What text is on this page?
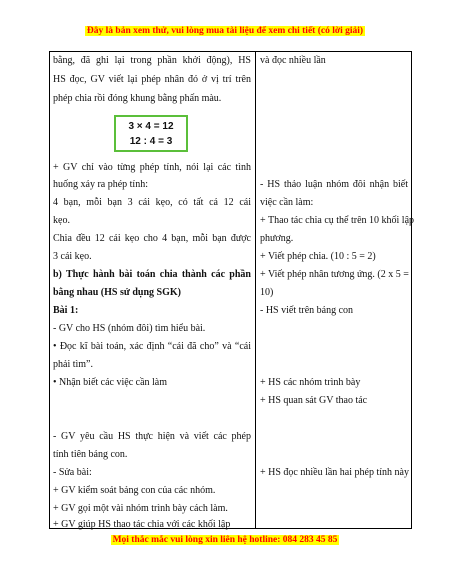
Đây là bản xem thử, vui lòng mua tài liệu để xem chi tiết (có lời giải)
bằng, đã ghi lại trong phần khởi động), HS
HS đọc, GV viết lại phép nhân đó ở vị trí trên
phép chia rồi đóng khung bằng phấn màu.
3 × 4 = 12
12 : 4 = 3
+ GV chỉ vào từng phép tính, nói lại các tình
huống xảy ra phép tính:
4 bạn, mỗi bạn 3 cái kẹo, có tất cả 12 cái
kẹo.
Chia đều 12 cái kẹo cho 4 bạn, mỗi bạn được
3 cái kẹo.
b) Thực hành bài toán chia thành các phần
bằng nhau (HS sử dụng SGK)
Bài 1:
- GV cho HS (nhóm đôi) tìm hiểu bài.
• Đọc kĩ bài toán, xác định “cái đã cho” và “cái
phải tìm”.
• Nhận biết các việc cần làm
- GV yêu cầu HS thực hiện và viết các phép
tính tiên bảng con.
- Sửa bài:
+ GV kiểm soát bảng con của các nhóm.
+ GV gọi một vài nhóm trình bày cách làm.
+ GV giúp HS thao tác chia với các khối lập
và đọc nhiều lần
- HS thảo luận nhóm đôi nhận biết
việc cần làm:
+ Thao tác chia cụ thể trên 10 khối lập
phương.
+ Viết phép chia. (10 : 5 = 2)
+ Viết phép nhân tương ứng. (2 x 5 =
10)
- HS viết trên bảng con
+ HS các nhóm trình bày
+ HS quan sát GV thao tác
+ HS đọc nhiều lần hai phép tính này
Mọi thắc mắc vui lòng xin liên hệ hotline: 084 283 45 85
